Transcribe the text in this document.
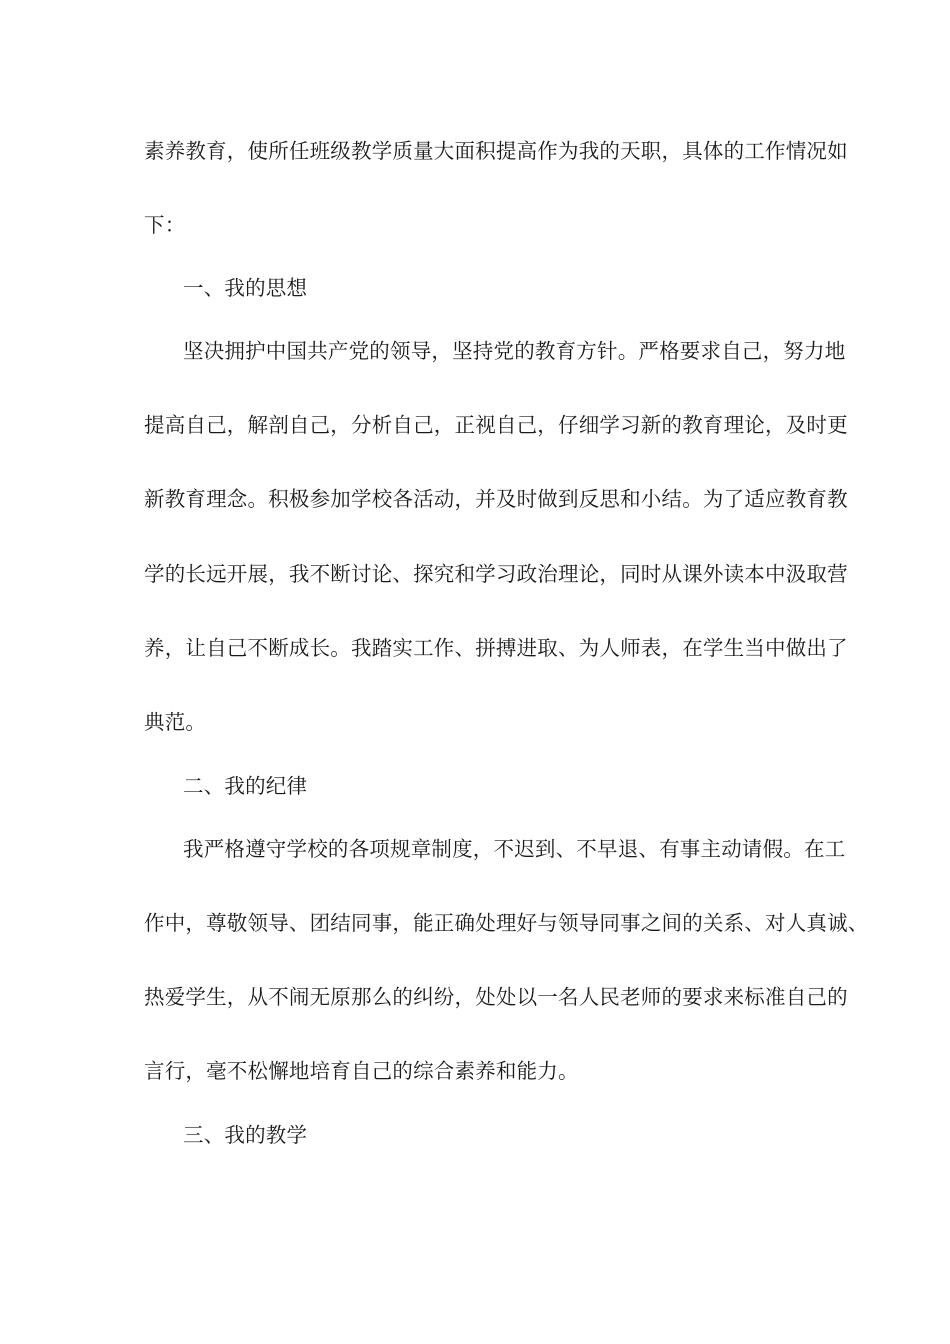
素养教育，使所任班级教学质量大面积提高作为我的天职，具体的工作情况如
下：
一、我的思想
坚决拥护中国共产党的领导，坚持党的教育方针。严格要求自己，努力地
提高自己，解剖自己，分析自己，正视自己，仔细学习新的教育理论，及时更
新教育理念。积极参加学校各活动，并及时做到反思和小结。为了适应教育教
学的长远开展，我不断讨论、探究和学习政治理论，同时从课外读本中汲取营
养，让自己不断成长。我踏实工作、拼搏进取、为人师表，在学生当中做出了
典范。
二、我的纪律
我严格遵守学校的各项规章制度，不迟到、不早退、有事主动请假。在工
作中，尊敬领导、团结同事，能正确处理好与领导同事之间的关系、对人真诚、
热爱学生，从不闹无原那么的纠纷，处处以一名人民老师的要求来标准自己的
言行，毫不松懈地培育自己的综合素养和能力。
三、我的教学
